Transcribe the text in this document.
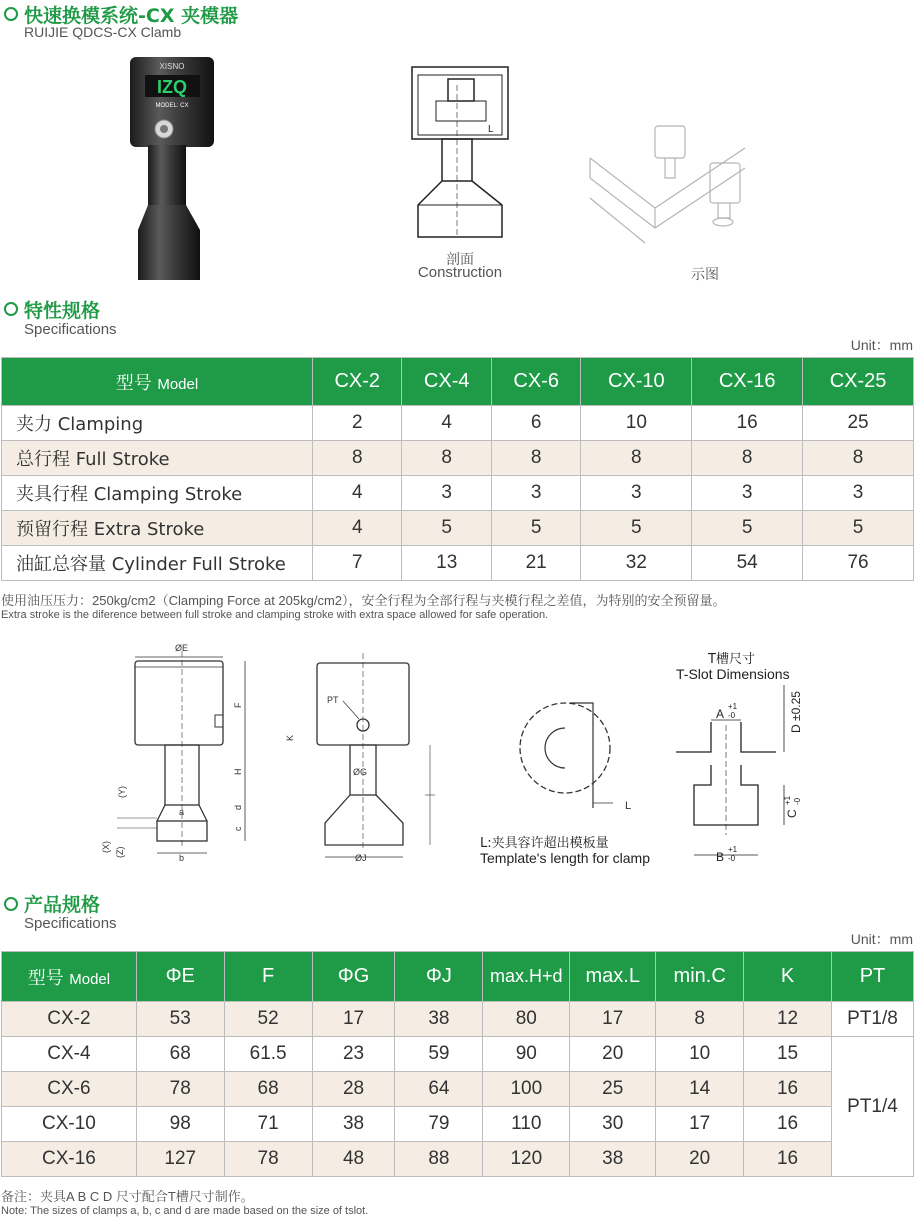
快速换模系统-CX 夹模器
RUIJIE QDCS-CX Clamb
XISNO
IZQ
MODEL: CX
L
剖面
Construction	示图
特性规格
Specifications
Unit：mm
型号 Model	CX-2	CX-4	CX-6	CX-10	CX-16	CX-25
夹力 Clamping	2	4	6	10	16	25
总行程 Full Stroke	8	8	8	8	8	8
夹具行程 Clamping Stroke	4	3	3	3	3	3
预留行程 Extra Stroke	4	5	5	5	5	5
油缸总容量 Cylinder Full Stroke	7	13	21	32	54	76
使用油压压力：250kg/cm2（Clamping Force at 205kg/cm2），安全行程为全部行程与夹模行程之差值，为特别的安全预留量。
Extra stroke is the diference between full stroke and clamping stroke with extra space allowed for safe operation.
ØE
F
H
d
c
a
b
(Y)
(X) (Z)
PT
K
ØG
ØJ
L
L:夹具容许超出模板量
Template's length for clamp
T槽尺寸
T-Slot Dimensions
A
+1
-0
B
+1
-0
D ±0.25
C
+1 -0
产品规格
Specifications
Unit：mm
型号 Model	ΦE	F	ΦG	ΦJ	max.H+d	max.L	min.C	K	PT
CX-2	53	52	17	38	80	17	8	12	PT1/8
CX-4	68	61.5	23	59	90	20	10	15	PT1/4
CX-6	78	68	28	64	100	25	14	16	
CX-10	98	71	38	79	110	30	17	16	
CX-16	127	78	48	88	120	38	20	16	
备注：夹具A B C D 尺寸配合T槽尺寸制作。
Note: The sizes of clamps a, b, c and d are made based on the size of tslot.
